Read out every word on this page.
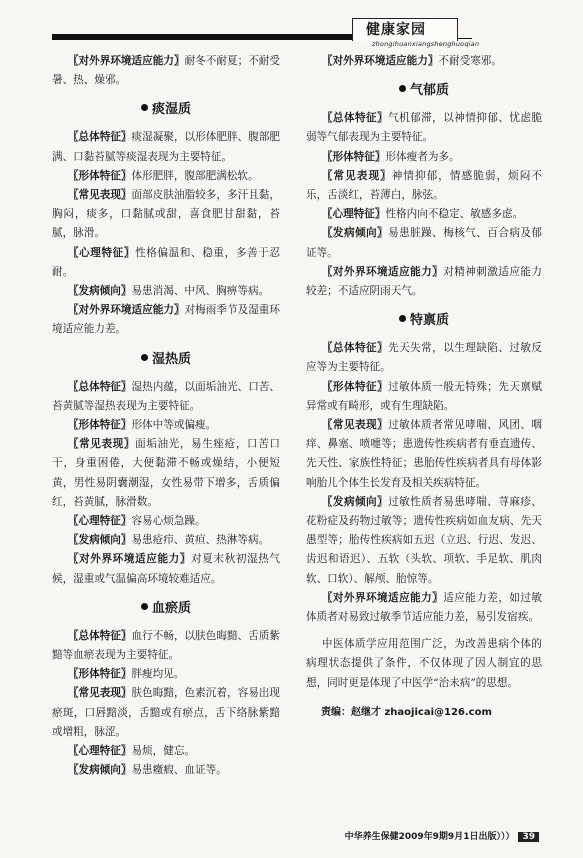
健康家园
zhongihuanxiangshenghuoqian

〖对外界环境适应能力〗耐冬不耐夏；不耐受暑、热、燥邪。

痰湿质

〖总体特征〗痰湿凝聚，以形体肥胖、腹部肥满、口黏苔腻等痰湿表现为主要特征。

〖形体特征〗体形肥胖，腹部肥满松软。

〖常见表现〗面部皮肤油脂较多，多汗且黏，胸闷，痰多，口黏腻或甜，喜食肥甘甜黏，苔腻，脉滑。

〖心理特征〗性格偏温和、稳重，多善于忍耐。

〖发病倾向〗易患消渴、中风、胸痹等病。

〖对外界环境适应能力〗对梅雨季节及湿重环境适应能力差。

湿热质

〖总体特征〗湿热内蕴，以面垢油光、口苦、苔黄腻等湿热表现为主要特征。

〖形体特征〗形体中等或偏瘦。

〖常见表现〗面垢油光，易生痤疮，口苦口干，身重困倦，大便黏滞不畅或燥结，小便短黄，男性易阴囊潮湿，女性易带下增多，舌质偏红，苔黄腻，脉滑数。

〖心理特征〗容易心烦急躁。

〖发病倾向〗易患疮疖、黄疸、热淋等病。

〖对外界环境适应能力〗对夏末秋初湿热气候，湿重或气温偏高环境较难适应。

血瘀质

〖总体特征〗血行不畅，以肤色晦黯、舌质紫黯等血瘀表现为主要特征。

〖形体特征〗胖瘦均见。

〖常见表现〗肤色晦黯，色素沉着，容易出现瘀斑，口唇黯淡，舌黯或有瘀点，舌下络脉紫黯或增粗，脉涩。

〖心理特征〗易烦，健忘。

〖发病倾向〗易患癥瘕、血证等。

〖对外界环境适应能力〗不耐受寒邪。

气郁质

〖总体特征〗气机郁滞，以神情抑郁、忧虑脆弱等气郁表现为主要特征。

〖形体特征〗形体瘦者为多。

〖常见表现〗神情抑郁，情感脆弱，烦闷不乐，舌淡红，苔薄白，脉弦。

〖心理特征〗性格内向不稳定、敏感多虑。

〖发病倾向〗易患脏躁、梅核气、百合病及郁证等。

〖对外界环境适应能力〗对精神刺激适应能力较差；不适应阴雨天气。

特禀质

〖总体特征〗先天失常，以生理缺陷、过敏反应等为主要特征。

〖形体特征〗过敏体质一般无特殊；先天禀赋异常或有畸形，或有生理缺陷。

〖常见表现〗过敏体质者常见哮喘、风团、咽痒、鼻塞、喷嚏等；患遗传性疾病者有垂直遗传、先天性、家族性特征；患胎传性疾病者具有母体影响胎儿个体生长发育及相关疾病特征。

〖发病倾向〗过敏性质者易患哮喘、荨麻疹、花粉症及药物过敏等；遗传性疾病如血友病、先天愚型等；胎传性疾病如五迟（立迟、行迟、发迟、齿迟和语迟）、五软（头软、项软、手足软、肌肉软、口软）、解颅、胎惊等。

〖对外界环境适应能力〗适应能力差，如过敏体质者对易致过敏季节适应能力差，易引发宿疾。

中医体质学应用范围广泛，为改善患病个体的病理状态提供了条件，不仅体现了因人制宜的思想，同时更是体现了中医学“治未病”的思想。

责编：赵继才 zhaojicai@126.com
中华养生保健2009年9期9月1日出版））） 39
